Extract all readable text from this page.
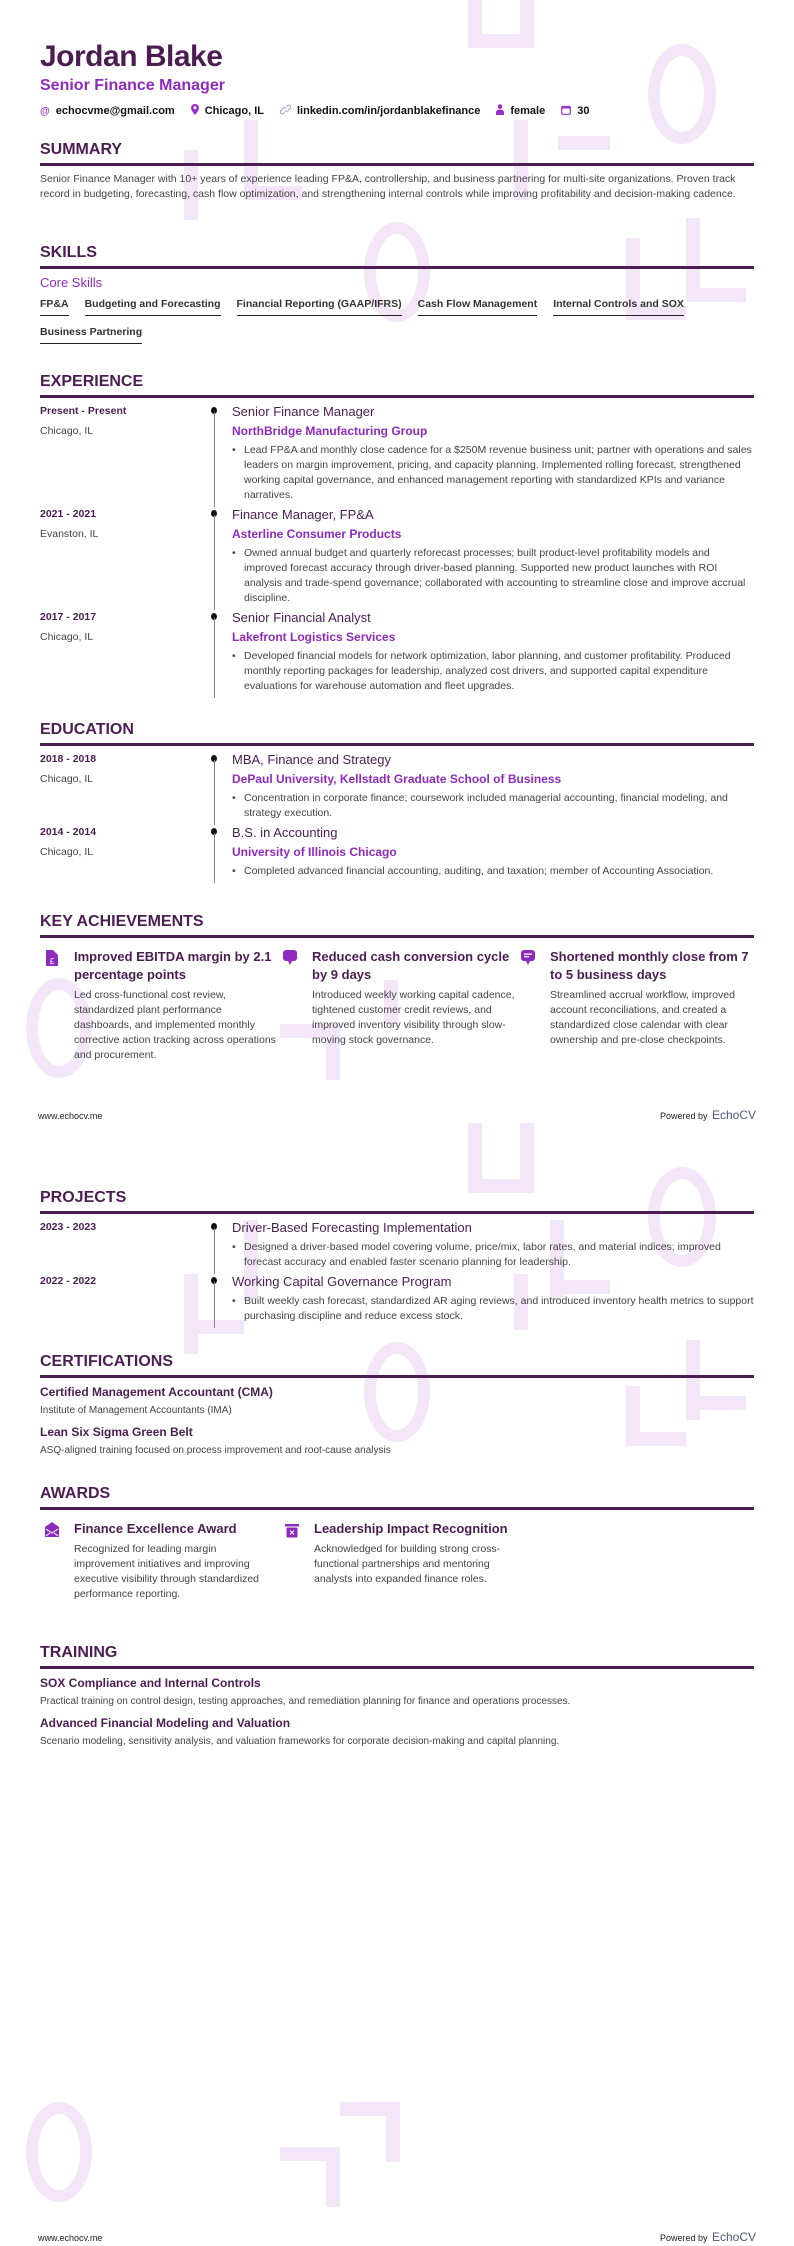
Jordan Blake
Senior Finance Manager
@ echocvme@gmail.com	Chicago, IL	linkedin.com/in/jordanblakefinance	female	30
SUMMARY
Senior Finance Manager with 10+ years of experience leading FP&A, controllership, and business partnering for multi-site organizations. Proven track record in budgeting, forecasting, cash flow optimization, and strengthening internal controls while improving profitability and decision-making cadence.
SKILLS
Core Skills
FP&A Budgeting and Forecasting Financial Reporting (GAAP/IFRS) Cash Flow Management Internal Controls and SOX
Business Partnering
EXPERIENCE
Present - Present
Chicago, IL
Senior Finance Manager
NorthBridge Manufacturing Group
• Lead FP&A and monthly close cadence for a $250M revenue business unit; partner with operations and sales leaders on margin improvement, pricing, and capacity planning. Implemented rolling forecast, strengthened working capital governance, and enhanced management reporting with standardized KPIs and variance narratives.
2021 - 2021
Evanston, IL
Finance Manager, FP&A
Asterline Consumer Products
• Owned annual budget and quarterly reforecast processes; built product-level profitability models and improved forecast accuracy through driver-based planning. Supported new product launches with ROI analysis and trade-spend governance; collaborated with accounting to streamline close and improve accrual discipline.
2017 - 2017
Chicago, IL
Senior Financial Analyst
Lakefront Logistics Services
• Developed financial models for network optimization, labor planning, and customer profitability. Produced monthly reporting packages for leadership, analyzed cost drivers, and supported capital expenditure evaluations for warehouse automation and fleet upgrades.
EDUCATION
2018 - 2018
Chicago, IL
MBA, Finance and Strategy
DePaul University, Kellstadt Graduate School of Business
• Concentration in corporate finance; coursework included managerial accounting, financial modeling, and strategy execution.
2014 - 2014
Chicago, IL
B.S. in Accounting
University of Illinois Chicago
• Completed advanced financial accounting, auditing, and taxation; member of Accounting Association.
KEY ACHIEVEMENTS
£ Improved EBITDA margin by 2.1 percentage points
Led cross-functional cost review, standardized plant performance dashboards, and implemented monthly corrective action tracking across operations and procurement.
Reduced cash conversion cycle by 9 days
Introduced weekly working capital cadence, tightened customer credit reviews, and improved inventory visibility through slow-moving stock governance.
Shortened monthly close from 7 to 5 business days
Streamlined accrual workflow, improved account reconciliations, and created a standardized close calendar with clear ownership and pre-close checkpoints.
www.echocv.me	Powered by EchoCV
PROJECTS
2023 - 2023	Driver-Based Forecasting Implementation
• Designed a driver-based model covering volume, price/mix, labor rates, and material indices; improved forecast accuracy and enabled faster scenario planning for leadership.
2022 - 2022	Working Capital Governance Program
• Built weekly cash forecast, standardized AR aging reviews, and introduced inventory health metrics to support purchasing discipline and reduce excess stock.
CERTIFICATIONS
Certified Management Accountant (CMA)
Institute of Management Accountants (IMA)
Lean Six Sigma Green Belt
ASQ-aligned training focused on process improvement and root-cause analysis
AWARDS
Finance Excellence Award
Recognized for leading margin improvement initiatives and improving executive visibility through standardized performance reporting.
Leadership Impact Recognition
Acknowledged for building strong cross-functional partnerships and mentoring analysts into expanded finance roles.
TRAINING
SOX Compliance and Internal Controls
Practical training on control design, testing approaches, and remediation planning for finance and operations processes.
Advanced Financial Modeling and Valuation
Scenario modeling, sensitivity analysis, and valuation frameworks for corporate decision-making and capital planning.
www.echocv.me	Powered by EchoCV
